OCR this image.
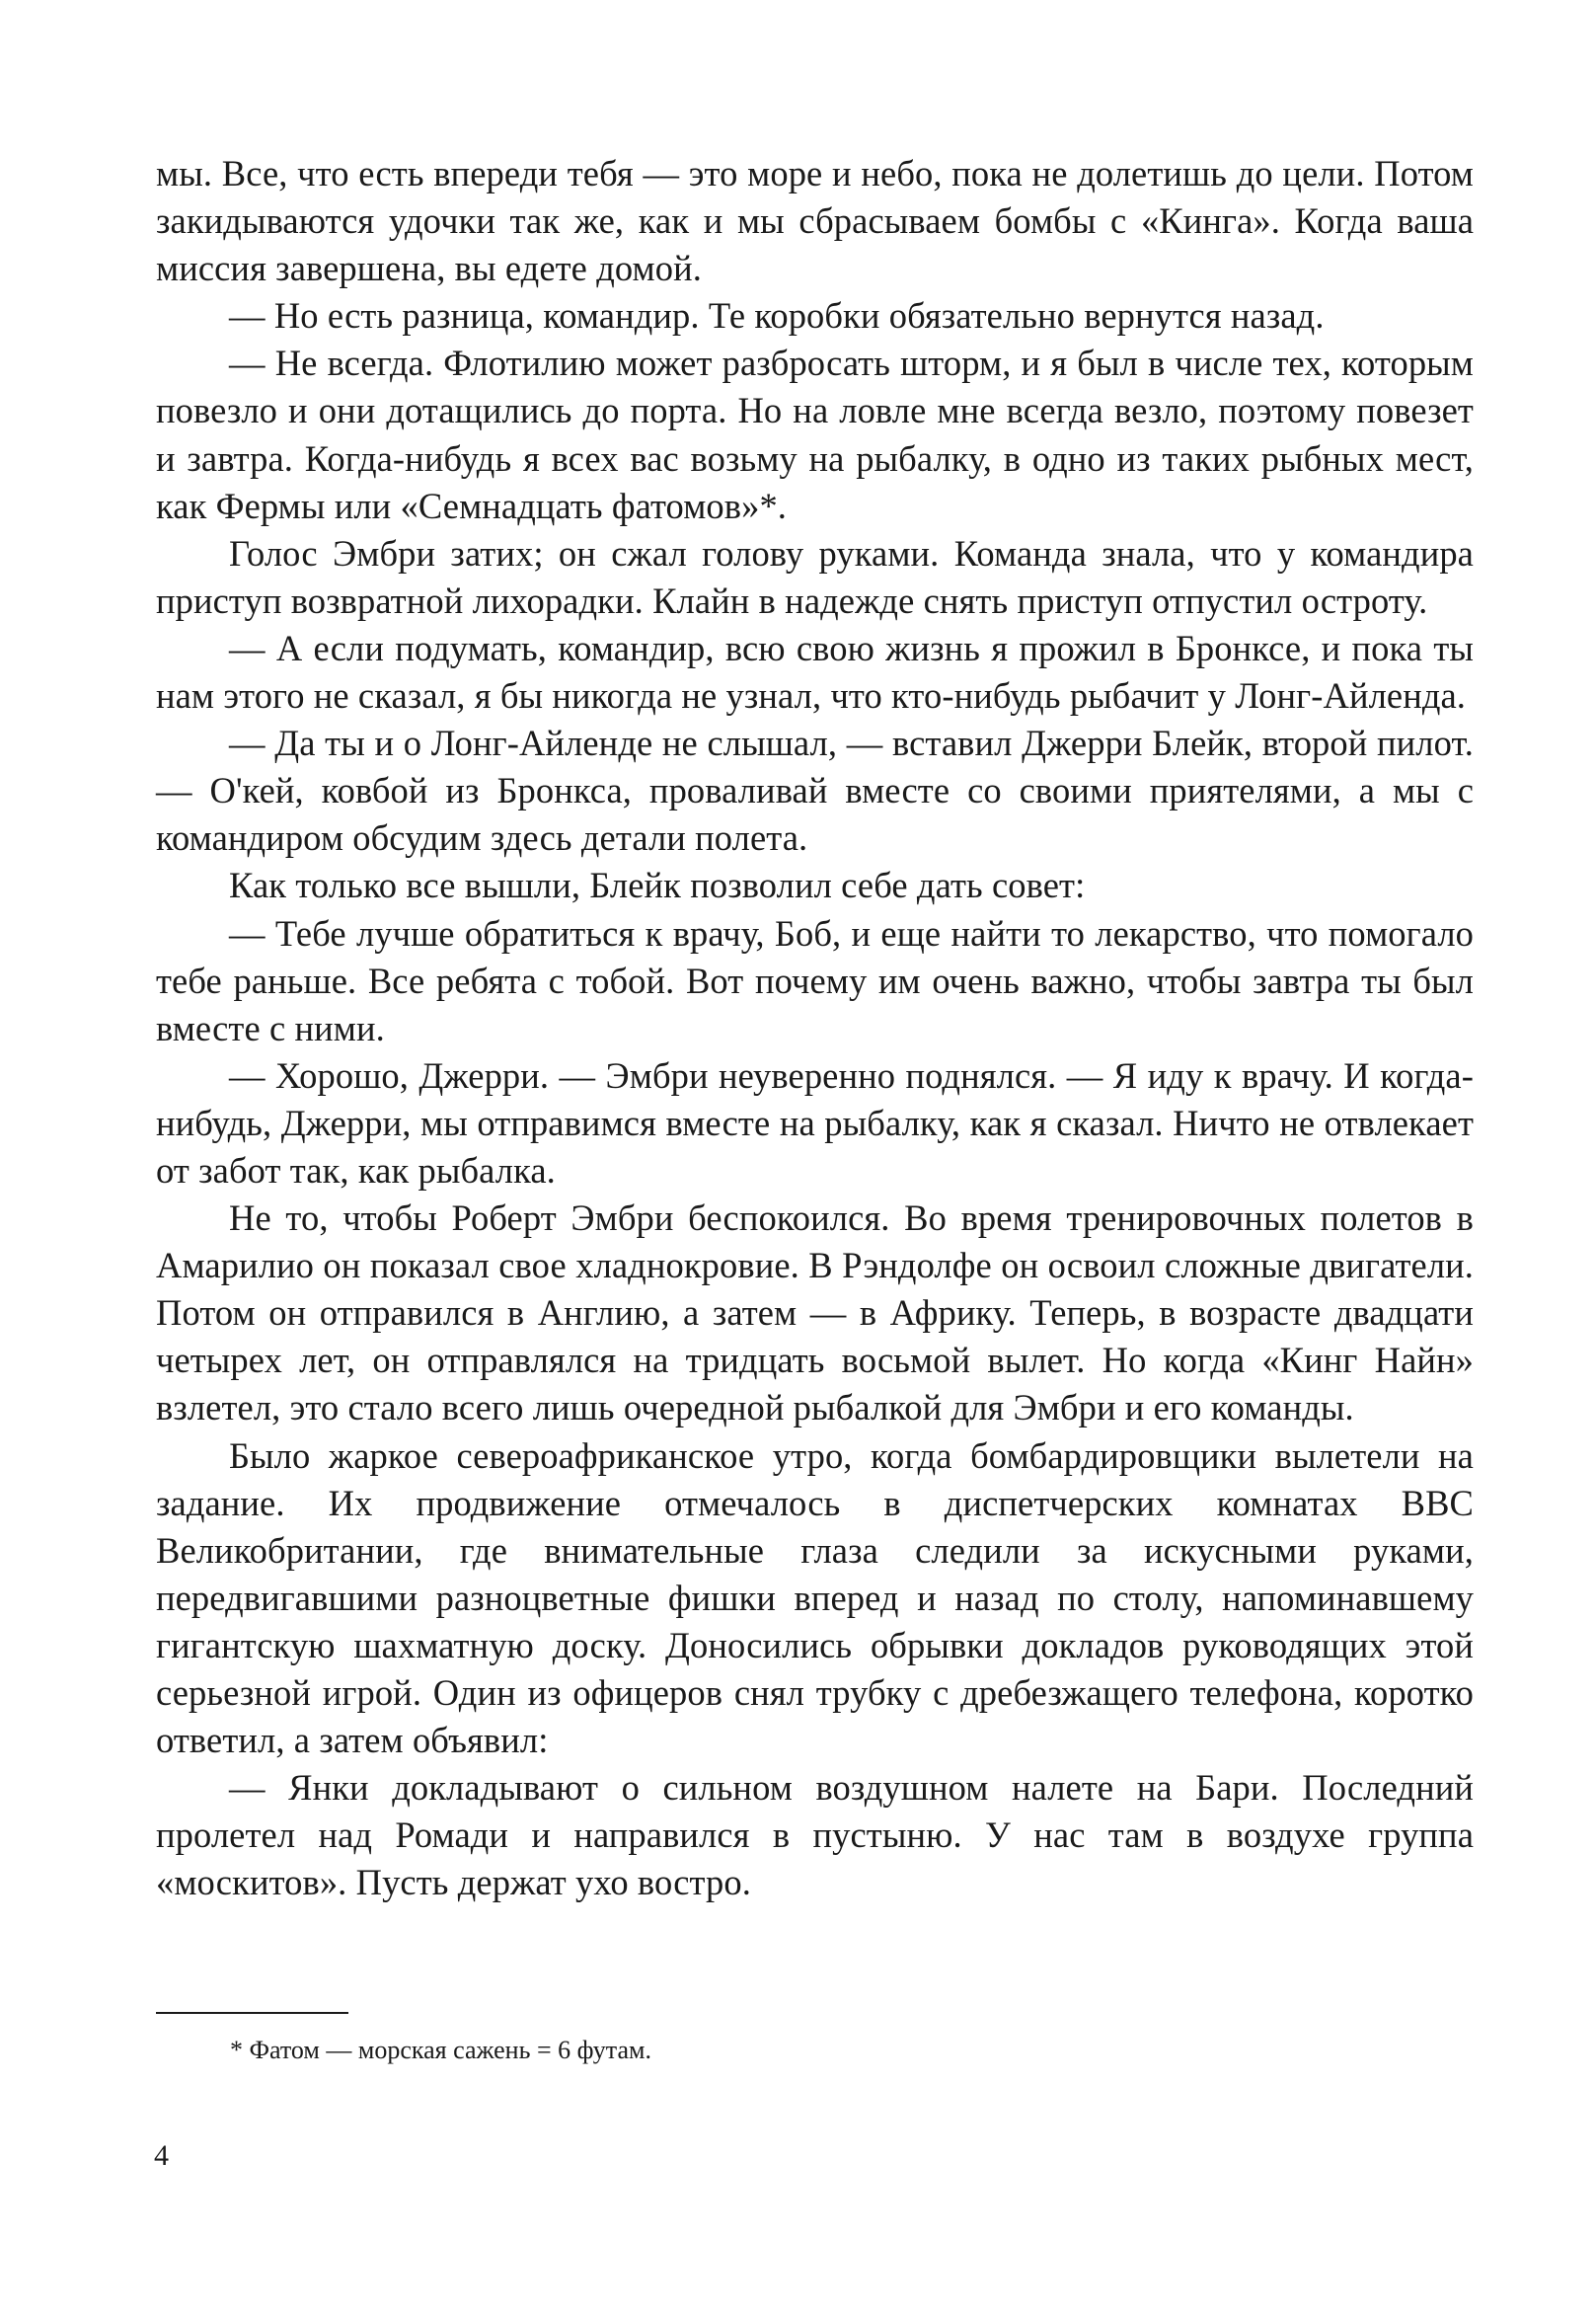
мы. Все, что есть впереди тебя — это море и небо, пока не долетишь до цели. Потом закидываются удочки так же, как и мы сбрасываем бомбы с «Кинга». Когда ваша миссия завершена, вы едете домой.

— Но есть разница, командир. Те коробки обязательно вернутся назад.

— Не всегда. Флотилию может разбросать шторм, и я был в числе тех, которым повезло и они дотащились до порта. Но на ловле мне всегда везло, поэтому повезет и завтра. Когда-нибудь я всех вас возьму на рыбалку, в одно из таких рыбных мест, как Фермы или «Семнадцать фатомов»*.

Голос Эмбри затих; он сжал голову руками. Команда знала, что у командира приступ возвратной лихорадки. Клайн в надежде снять приступ отпустил остроту.

— А если подумать, командир, всю свою жизнь я прожил в Бронксе, и пока ты нам этого не сказал, я бы никогда не узнал, что кто-нибудь рыбачит у Лонг-Айленда.

— Да ты и о Лонг-Айленде не слышал, — вставил Джерри Блейк, второй пилот. — О'кей, ковбой из Бронкса, проваливай вместе со своими приятелями, а мы с командиром обсудим здесь детали полета.

Как только все вышли, Блейк позволил себе дать совет:

— Тебе лучше обратиться к врачу, Боб, и еще найти то лекарство, что помогало тебе раньше. Все ребята с тобой. Вот почему им очень важно, чтобы завтра ты был вместе с ними.

— Хорошо, Джерри. — Эмбри неуверенно поднялся. — Я иду к врачу. И когда-нибудь, Джерри, мы отправимся вместе на рыбалку, как я сказал. Ничто не отвлекает от забот так, как рыбалка.

Не то, чтобы Роберт Эмбри беспокоился. Во время тренировочных полетов в Амарилио он показал свое хладнокровие. В Рэндолфе он освоил сложные двигатели. Потом он отправился в Англию, а затем — в Африку. Теперь, в возрасте двадцати четырех лет, он отправлялся на тридцать восьмой вылет. Но когда «Кинг Найн» взлетел, это стало всего лишь очередной рыбалкой для Эмбри и его команды.

Было жаркое североафриканское утро, когда бомбардировщики вылетели на задание. Их продвижение отмечалось в диспетчерских комнатах ВВС Великобритании, где внимательные глаза следили за искусными руками, передвигавшими разноцветные фишки вперед и назад по столу, напоминавшему гигантскую шахматную доску. Доносились обрывки докладов руководящих этой серьезной игрой. Один из офицеров снял трубку с дребезжащего телефона, коротко ответил, а затем объявил:

— Янки докладывают о сильном воздушном налете на Бари. Последний пролетел над Ромади и направился в пустыню. У нас там в воздухе группа «москитов». Пусть держат ухо востро.

* Фатом — морская сажень = 6 футам.
4
